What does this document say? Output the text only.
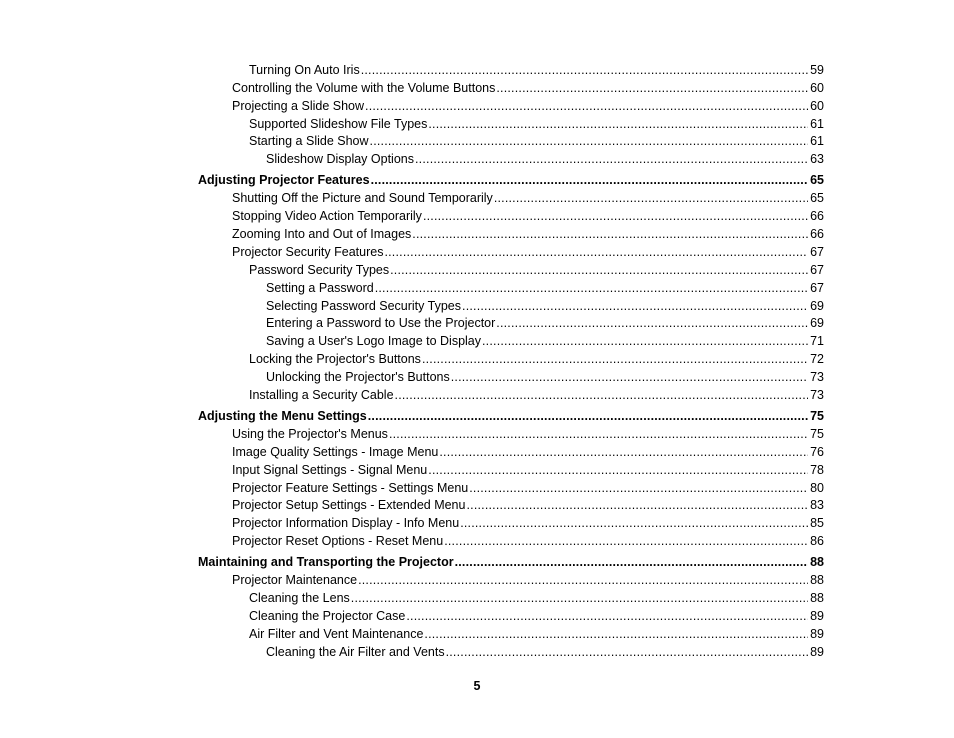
Turning On Auto Iris .....	59
Controlling the Volume with the Volume Buttons .....	60
Projecting a Slide Show .....	60
Supported Slideshow File Types .....	61
Starting a Slide Show .....	61
Slideshow Display Options .....	63
Adjusting Projector Features .....	65
Shutting Off the Picture and Sound Temporarily .....	65
Stopping Video Action Temporarily .....	66
Zooming Into and Out of Images .....	66
Projector Security Features .....	67
Password Security Types .....	67
Setting a Password .....	67
Selecting Password Security Types .....	69
Entering a Password to Use the Projector .....	69
Saving a User's Logo Image to Display .....	71
Locking the Projector's Buttons .....	72
Unlocking the Projector's Buttons .....	73
Installing a Security Cable .....	73
Adjusting the Menu Settings .....	75
Using the Projector's Menus .....	75
Image Quality Settings - Image Menu .....	76
Input Signal Settings - Signal Menu .....	78
Projector Feature Settings - Settings Menu .....	80
Projector Setup Settings - Extended Menu .....	83
Projector Information Display - Info Menu .....	85
Projector Reset Options - Reset Menu .....	86
Maintaining and Transporting the Projector .....	88
Projector Maintenance .....	88
Cleaning the Lens .....	88
Cleaning the Projector Case .....	89
Air Filter and Vent Maintenance .....	89
Cleaning the Air Filter and Vents .....	89
5
